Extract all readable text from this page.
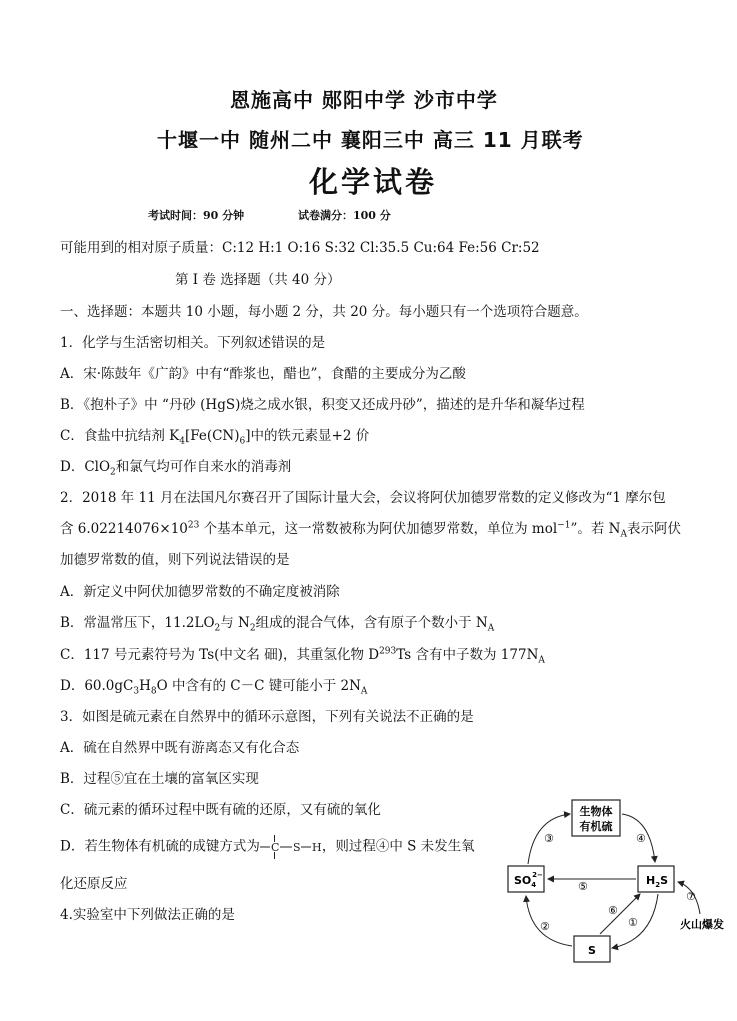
恩施高中 郧阳中学 沙市中学
十堰一中 随州二中 襄阳三中 高三 11 月联考
化学试卷
考试时间：90 分钟	试卷满分：100 分
可能用到的相对原子质量：C:12 H:1 O:16 S:32 Cl:35.5 Cu:64 Fe:56 Cr:52
第 I 卷 选择题（共 40 分）
一、选择题：本题共 10 小题，每小题 2 分，共 20 分。每小题只有一个选项符合题意。
1．化学与生活密切相关。下列叙述错误的是
A．宋·陈鼓年《广韵》中有“酢浆也，醋也”，食醋的主要成分为乙酸
B．《抱朴子》中 “丹砂 (HgS)烧之成水银，积变又还成丹砂”，描述的是升华和凝华过程
C．食盐中抗结剂 $K_4[Fe(CN)_6]$中的铁元素显+2 价
D．ClO$_2$和氯气均可作自来水的消毒剂
2．2018 年 11 月在法国凡尔赛召开了国际计量大会，会议将阿伏加德罗常数的定义修改为“1 摩尔包
含 $6.02214076\times 10^{23}$ 个基本单元，这一常数被称为阿伏加德罗常数，单位为 mol$^{-1}$”。若 $N_A$表示阿伏
加德罗常数的值，则下列说法错误的是
A．新定义中阿伏加德罗常数的不确定度被消除
B．常温常压下，$11.2LO_2$与 $N_2$组成的混合气体，含有原子个数小于 $N_A$
C．117 号元素符号为 Ts(中文名 鿬)，其重氢化物 $D^{293}Ts$ 含有中子数为 $177N_A$
D．$60.0gC_3H_8O$ 中含有的 C－C 键可能小于 $2N_A$
3．如图是硫元素在自然界中的循环示意图，下列有关说法不正确的是
A．硫在自然界中既有游离态又有化合态
B．过程⑤宜在土壤的富氧区实现
C．硫元素的循环过程中既有硫的还原，又有硫的氧化
D．若生物体有机硫的成键方式为 C S H ，则过程④中 S 未发生氧
化还原反应
4.实验室中下列做法正确的是
生物体
有机硫
$SO_42-$	$H_2S$
S
③	④
⑤
②
⑥
①
⑦
火山爆发
